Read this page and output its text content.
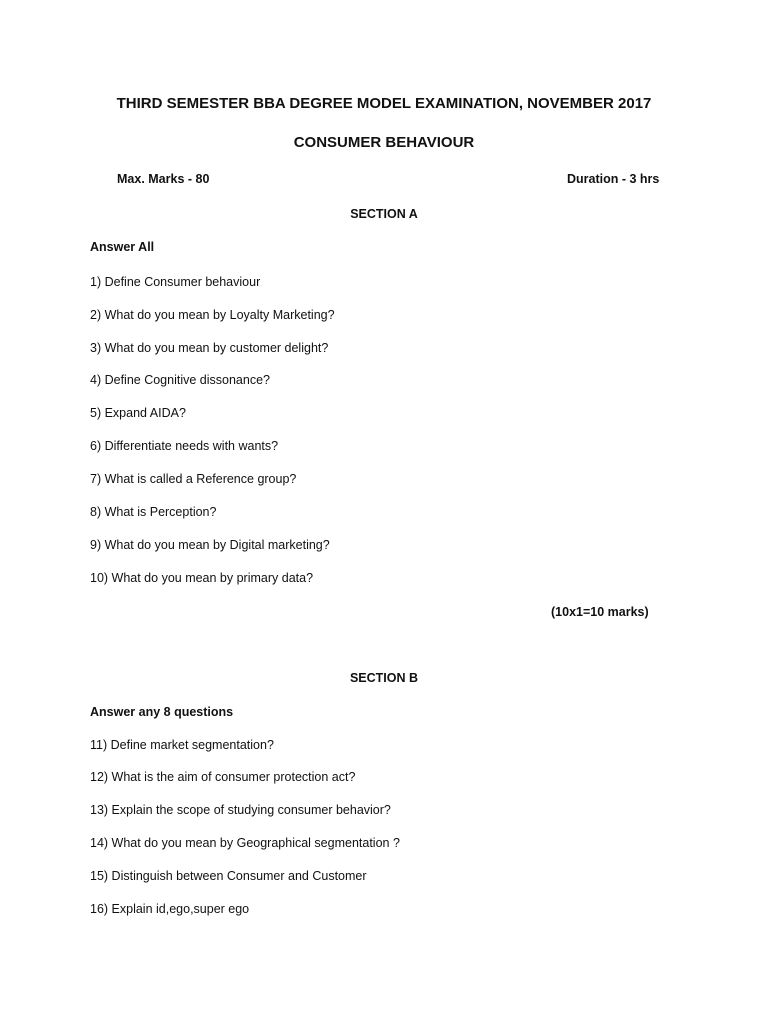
THIRD SEMESTER BBA DEGREE MODEL EXAMINATION, NOVEMBER 2017
CONSUMER BEHAVIOUR
Max. Marks - 80	Duration - 3 hrs
SECTION A
Answer All
1) Define Consumer behaviour
2) What do you mean by Loyalty Marketing?
3) What do you mean by customer delight?
4) Define Cognitive dissonance?
5) Expand AIDA?
6) Differentiate needs with wants?
7) What is called a Reference group?
8) What is Perception?
9) What do you mean by Digital marketing?
10) What do you mean by primary data?
(10x1=10 marks)
SECTION B
Answer any 8 questions
11) Define market segmentation?
12) What is the aim of consumer protection act?
13) Explain the scope of studying consumer behavior?
14) What do you mean by Geographical segmentation ?
15) Distinguish between Consumer and Customer
16) Explain id,ego,super ego
